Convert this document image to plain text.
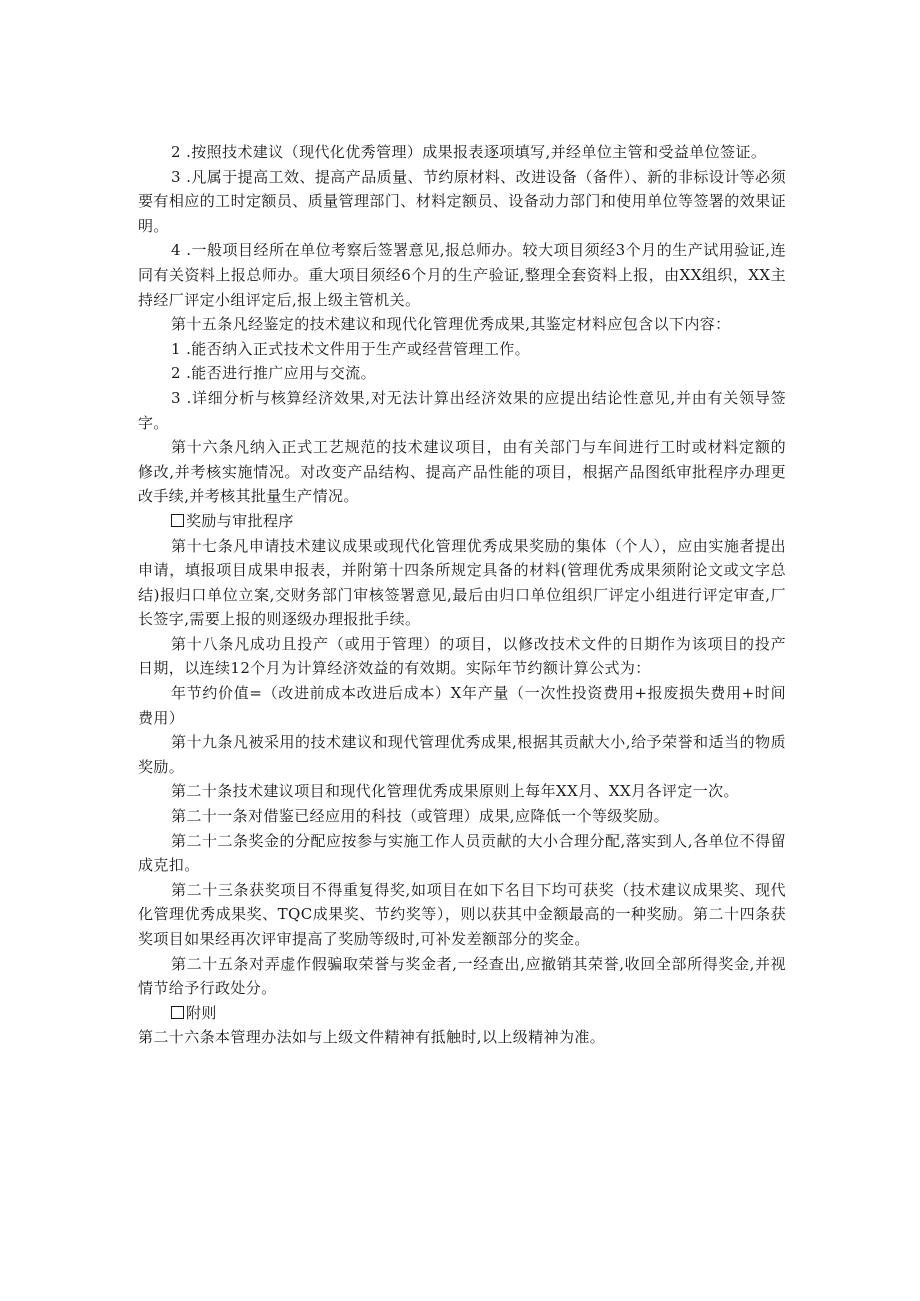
2 .按照技术建议（现代化优秀管理）成果报表逐项填写,并经单位主管和受益单位签证。

3 .凡属于提高工效、提高产品质量、节约原材料、改进设备（备件）、新的非标设计等必须要有相应的工时定额员、质量管理部门、材料定额员、设备动力部门和使用单位等签署的效果证明。

4 .一般项目经所在单位考察后签署意见,报总师办。较大项目须经3个月的生产试用验证,连同有关资料上报总师办。重大项目须经6个月的生产验证,整理全套资料上报，由XX组织，XX主持经厂评定小组评定后,报上级主管机关。

第十五条凡经鉴定的技术建议和现代化管理优秀成果,其鉴定材料应包含以下内容：

1 .能否纳入正式技术文件用于生产或经营管理工作。

2 .能否进行推广应用与交流。

3 .详细分析与核算经济效果,对无法计算出经济效果的应提出结论性意见,并由有关领导签字。

第十六条凡纳入正式工艺规范的技术建议项目，由有关部门与车间进行工时或材料定额的修改,并考核实施情况。对改变产品结构、提高产品性能的项目，根据产品图纸审批程序办理更改手续,并考核其批量生产情况。

奖励与审批程序

第十七条凡申请技术建议成果或现代化管理优秀成果奖励的集体（个人），应由实施者提出申请，填报项目成果申报表，并附第十四条所规定具备的材料(管理优秀成果须附论文或文字总结)报归口单位立案,交财务部门审核签署意见,最后由归口单位组织厂评定小组进行评定审查,厂长签字,需要上报的则逐级办理报批手续。

第十八条凡成功且投产（或用于管理）的项目，以修改技术文件的日期作为该项目的投产日期，以连续12个月为计算经济效益的有效期。实际年节约额计算公式为：

年节约价值=（改进前成本改进后成本）X年产量（一次性投资费用+报废损失费用+时间费用）

第十九条凡被采用的技术建议和现代管理优秀成果,根据其贡献大小,给予荣誉和适当的物质奖励。

第二十条技术建议项目和现代化管理优秀成果原则上每年XX月、XX月各评定一次。

第二十一条对借鉴已经应用的科技（或管理）成果,应降低一个等级奖励。

第二十二条奖金的分配应按参与实施工作人员贡献的大小合理分配,落实到人,各单位不得留成克扣。

第二十三条获奖项目不得重复得奖,如项目在如下名目下均可获奖（技术建议成果奖、现代化管理优秀成果奖、TQC成果奖、节约奖等），则以获其中金额最高的一种奖励。第二十四条获奖项目如果经再次评审提高了奖励等级时,可补发差额部分的奖金。

第二十五条对弄虚作假骗取荣誉与奖金者,一经查出,应撤销其荣誉,收回全部所得奖金,并视情节给予行政处分。

附则

第二十六条本管理办法如与上级文件精神有抵触时,以上级精神为准。
